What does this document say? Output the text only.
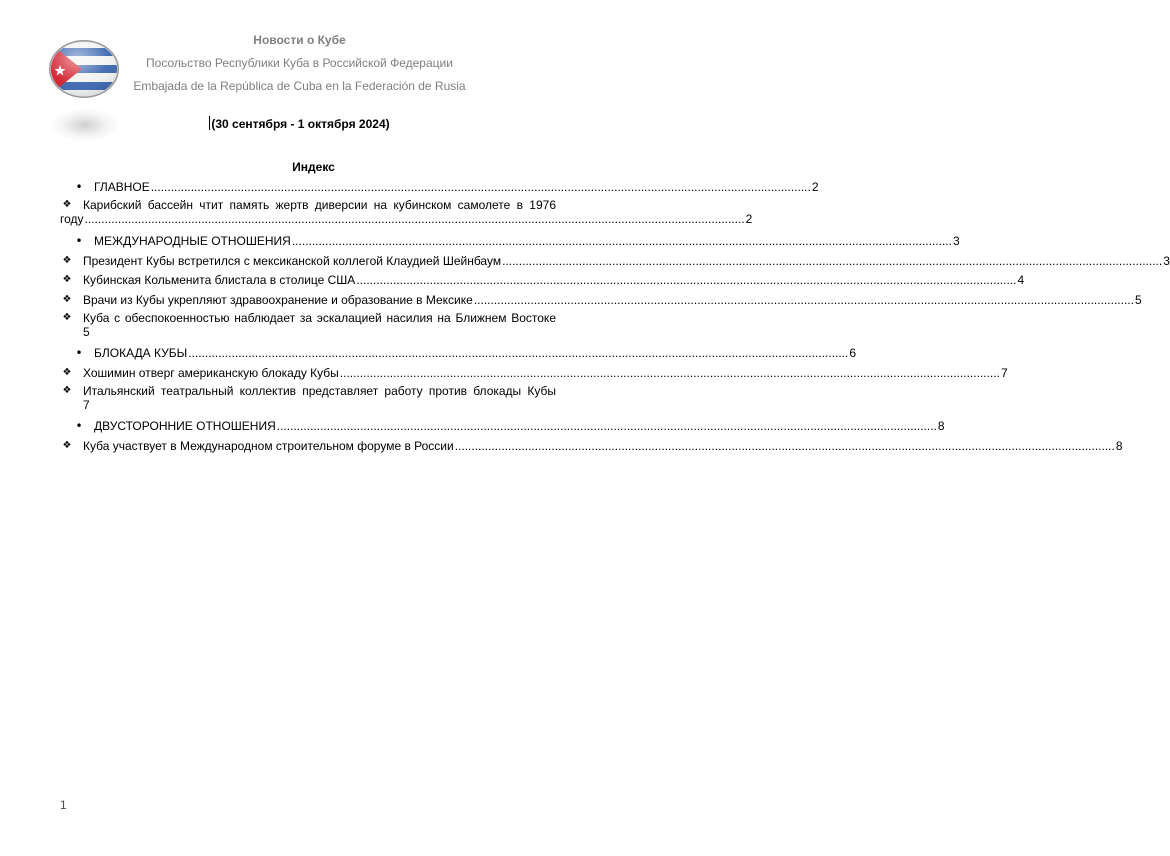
Новости о Кубе
Посольство Республики Куба в Российской Федерации
Embajada de la República de Cuba en la Federación de Rusia
(30 сентября - 1 октября 2024)
Индекс
• ГЛАВНОЕ ...................................................................................................................................................................................................... 2
❖ Карибский бассейн чтит память жертв диверсии на кубинском самолете в 1976
году ...................................................................................................................................................................................................... 2
• МЕЖДУНАРОДНЫЕ ОТНОШЕНИЯ ...................................................................................................................................................................................................... 3
❖ Президент Кубы встретился с мексиканской коллегой Клаудией Шейнбаум ...................................................................................................................................................................................................... 3
❖ Кубинская Кольменита блистала в столице США ...................................................................................................................................................................................................... 4
❖ Врачи из Кубы укрепляют здравоохранение и образование в Мексике ...................................................................................................................................................................................................... 5
❖ Куба с обеспокоенностью наблюдает за эскалацией насилия на Ближнем Востоке
5
• БЛОКАДА КУБЫ ...................................................................................................................................................................................................... 6
❖ Хошимин отверг американскую блокаду Кубы ...................................................................................................................................................................................................... 7
❖ Итальянский театральный коллектив представляет работу против блокады Кубы
7
• ДВУСТОРОННИЕ ОТНОШЕНИЯ ...................................................................................................................................................................................................... 8
❖ Куба участвует в Международном строительном форуме в России ...................................................................................................................................................................................................... 8
1
